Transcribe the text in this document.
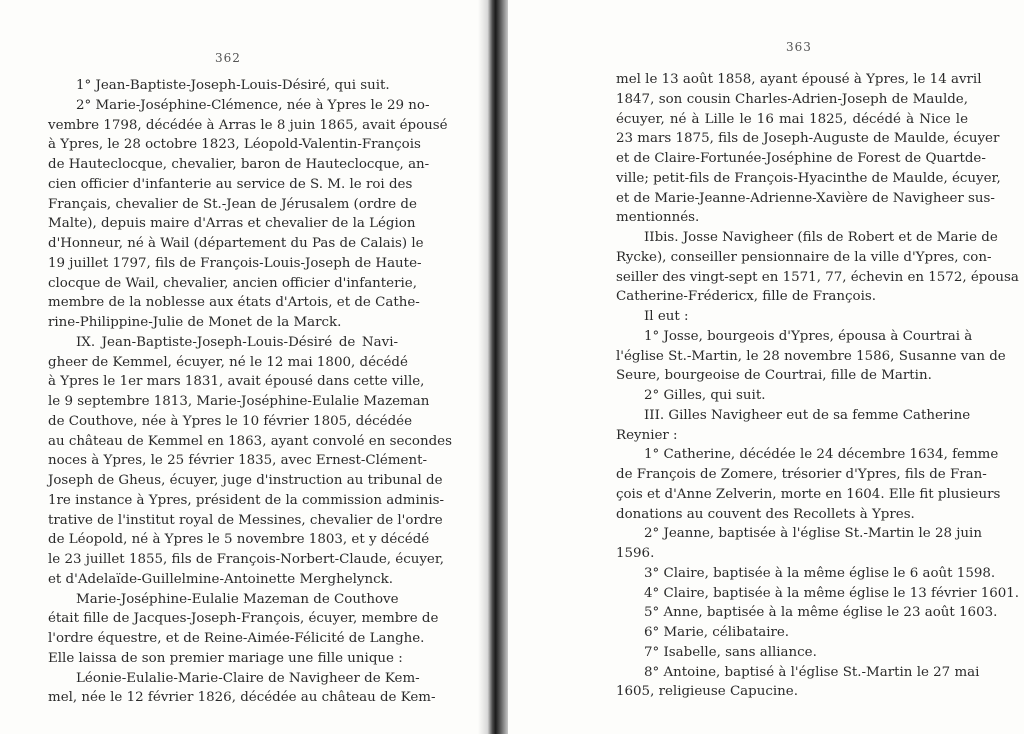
362
1° Jean-Baptiste-Joseph-Louis-Désiré, qui suit.
2° Marie-Joséphine-Clémence, née à Ypres le 29 no-
vembre 1798, décédée à Arras le 8 juin 1865, avait épousé
à Ypres, le 28 octobre 1823, Léopold-Valentin-François
de Hauteclocque, chevalier, baron de Hauteclocque, an-
cien officier d'infanterie au service de S. M. le roi des
Français, chevalier de St.-Jean de Jérusalem (ordre de
Malte), depuis maire d'Arras et chevalier de la Légion
d'Honneur, né à Wail (département du Pas de Calais) le
19 juillet 1797, fils de François-Louis-Joseph de Haute-
clocque de Wail, chevalier, ancien officier d'infanterie,
membre de la noblesse aux états d'Artois, et de Cathe-
rine-Philippine-Julie de Monet de la Marck.
IX. Jean-Baptiste-Joseph-Louis-Désiré de Navi-
gheer de Kemmel, écuyer, né le 12 mai 1800, décédé
à Ypres le 1er mars 1831, avait épousé dans cette ville,
le 9 septembre 1813, Marie-Joséphine-Eulalie Mazeman
de Couthove, née à Ypres le 10 février 1805, décédée
au château de Kemmel en 1863, ayant convolé en secondes
noces à Ypres, le 25 février 1835, avec Ernest-Clément-
Joseph de Gheus, écuyer, juge d'instruction au tribunal de
1re instance à Ypres, président de la commission adminis-
trative de l'institut royal de Messines, chevalier de l'ordre
de Léopold, né à Ypres le 5 novembre 1803, et y décédé
le 23 juillet 1855, fils de François-Norbert-Claude, écuyer,
et d'Adelaïde-Guillelmine-Antoinette Merghelynck.
Marie-Joséphine-Eulalie Mazeman de Couthove
était fille de Jacques-Joseph-François, écuyer, membre de
l'ordre équestre, et de Reine-Aimée-Félicité de Langhe.
Elle laissa de son premier mariage une fille unique :
Léonie-Eulalie-Marie-Claire de Navigheer de Kem-
mel, née le 12 février 1826, décédée au château de Kem-
363
mel le 13 août 1858, ayant épousé à Ypres, le 14 avril
1847, son cousin Charles-Adrien-Joseph de Maulde,
écuyer, né à Lille le 16 mai 1825, décédé à Nice le
23 mars 1875, fils de Joseph-Auguste de Maulde, écuyer
et de Claire-Fortunée-Joséphine de Forest de Quartde-
ville; petit-fils de François-Hyacinthe de Maulde, écuyer,
et de Marie-Jeanne-Adrienne-Xavière de Navigheer sus-
mentionnés.
IIbis. Josse Navigheer (fils de Robert et de Marie de
Rycke), conseiller pensionnaire de la ville d'Ypres, con-
seiller des vingt-sept en 1571, 77, échevin en 1572, épousa
Catherine-Frédericx, fille de François.
Il eut :
1° Josse, bourgeois d'Ypres, épousa à Courtrai à
l'église St.-Martin, le 28 novembre 1586, Susanne van de
Seure, bourgeoise de Courtrai, fille de Martin.
2° Gilles, qui suit.
III. Gilles Navigheer eut de sa femme Catherine
Reynier :
1° Catherine, décédée le 24 décembre 1634, femme
de François de Zomere, trésorier d'Ypres, fils de Fran-
çois et d'Anne Zelverin, morte en 1604. Elle fit plusieurs
donations au couvent des Recollets à Ypres.
2° Jeanne, baptisée à l'église St.-Martin le 28 juin
1596.
3° Claire, baptisée à la même église le 6 août 1598.
4° Claire, baptisée à la même église le 13 février 1601.
5° Anne, baptisée à la même église le 23 août 1603.
6° Marie, célibataire.
7° Isabelle, sans alliance.
8° Antoine, baptisé à l'église St.-Martin le 27 mai
1605, religieuse Capucine.
